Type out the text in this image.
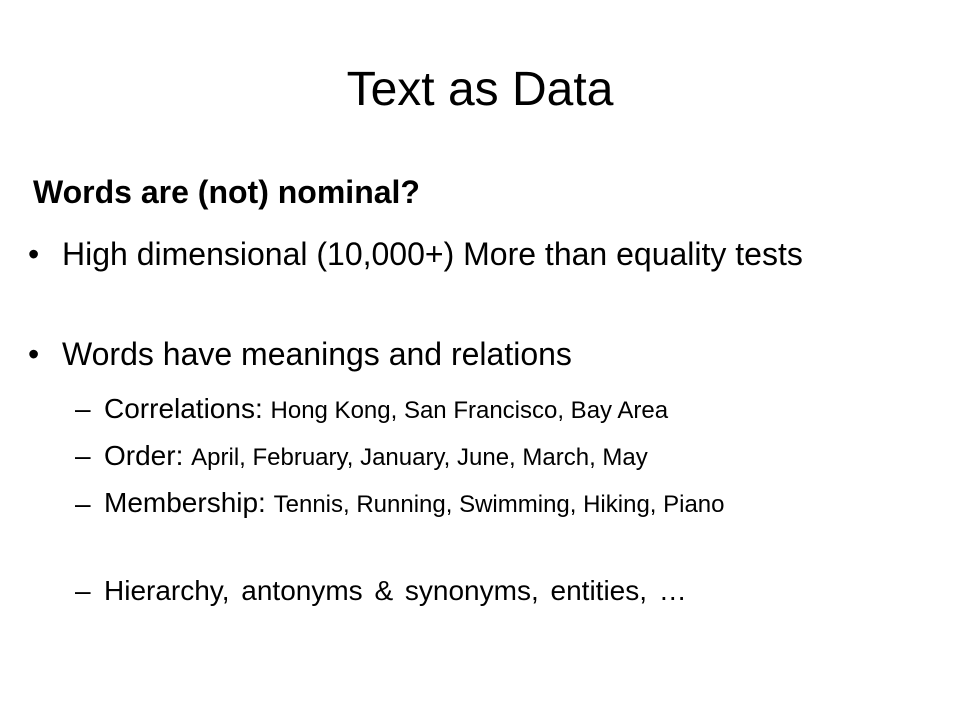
Text as Data
Words are (not) nominal?
• High dimensional (10,000+) More than equality tests
• Words have meanings and relations
– Correlations: Hong Kong, San Francisco, Bay Area
– Order: April, February, January, June, March, May
– Membership: Tennis, Running, Swimming, Hiking, Piano
– Hierarchy, antonyms & synonyms, entities, …
